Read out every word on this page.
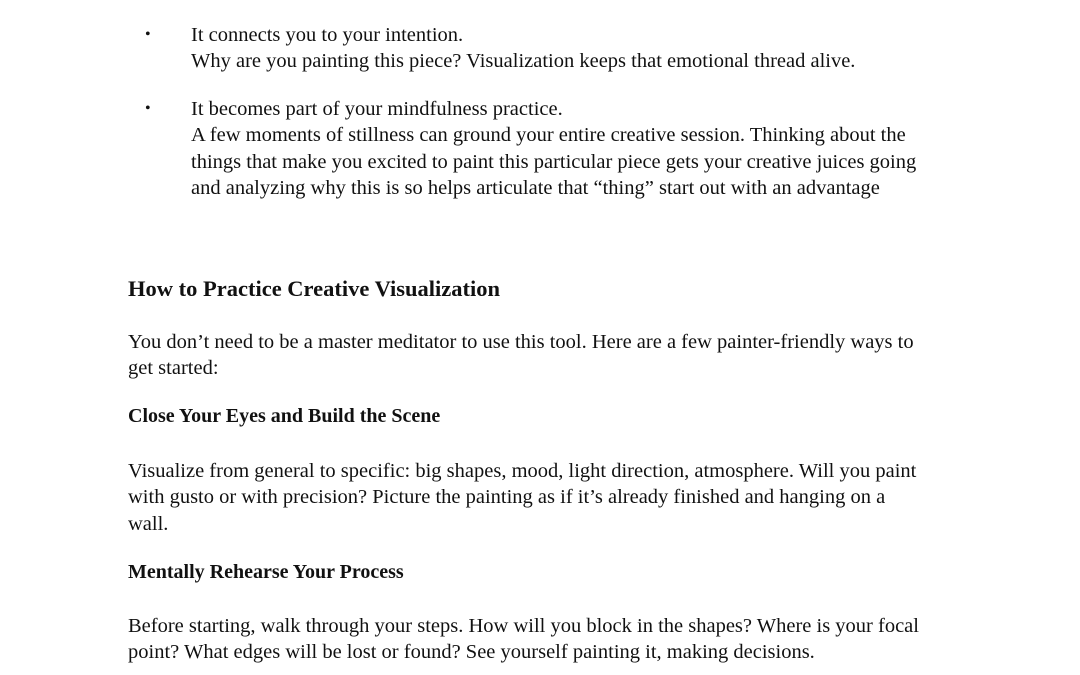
• It connects you to your intention.
Why are you painting this piece? Visualization keeps that emotional thread alive.
• It becomes part of your mindfulness practice.
A few moments of stillness can ground your entire creative session. Thinking about the
things that make you excited to paint this particular piece gets your creative juices going
and analyzing why this is so helps articulate that “thing” start out with an advantage
How to Practice Creative Visualization
You don’t need to be a master meditator to use this tool. Here are a few painter-friendly ways to
get started:
Close Your Eyes and Build the Scene
Visualize from general to specific: big shapes, mood, light direction, atmosphere. Will you paint
with gusto or with precision? Picture the painting as if it’s already finished and hanging on a
wall.
Mentally Rehearse Your Process
Before starting, walk through your steps. How will you block in the shapes? Where is your focal
point? What edges will be lost or found? See yourself painting it, making decisions.
